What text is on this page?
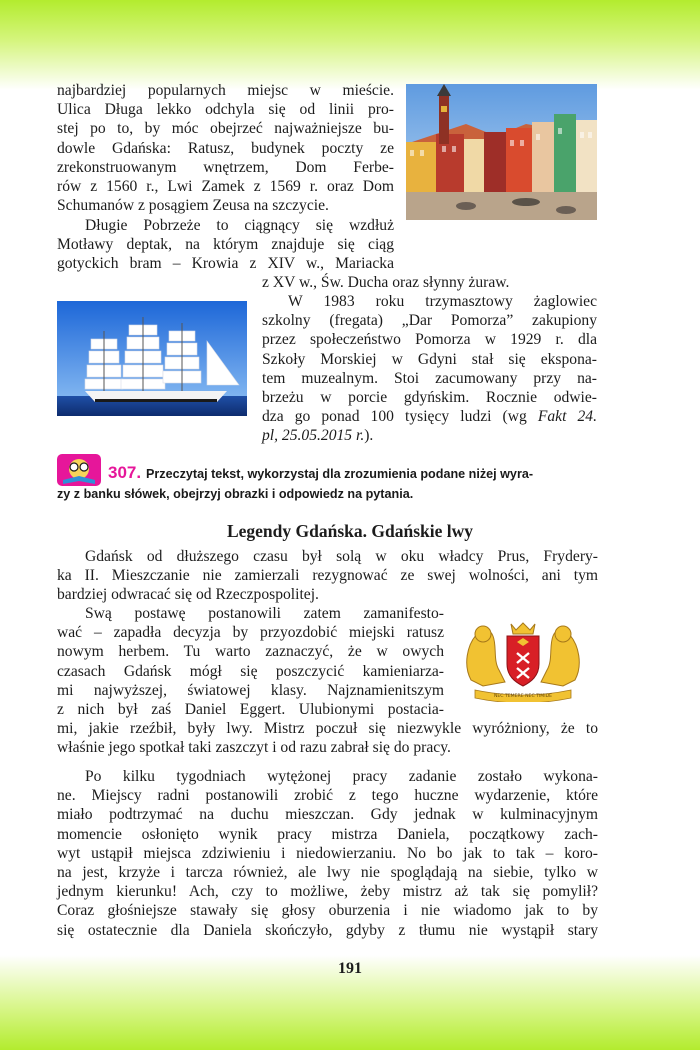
najbardziej popularnych miejsc w mieście.
Ulica Długa lekko odchyla się od linii pro-
stej po to, by móc obejrzeć najważniejsze bu-
dowle Gdańska: Ratusz, budynek poczty ze
zrekonstruowanym wnętrzem, Dom Ferbe-
rów z 1560 r., Lwi Zamek z 1569 r. oraz Dom
Schumanów z posągiem Zeusa na szczycie.
Długie Pobrzeże to ciągnący się wzdłuż
Motławy deptak, na którym znajduje się ciąg
gotyckich bram – Krowia z XIV w., Mariacka
z XV w., Św. Ducha oraz słynny żuraw.
W 1983 roku trzymasztowy żaglowiec
szkolny (fregata) „Dar Pomorza” zakupiony
przez społeczeństwo Pomorza w 1929 r. dla
Szkoły Morskiej w Gdyni stał się ekspona-
tem muzealnym. Stoi zacumowany przy na-
brzeżu w porcie gdyńskim. Rocznie odwie-
dza go ponad 100 tysięcy ludzi (wg Fakt 24.
pl, 25.05.2015 r.).
307. Przeczytaj tekst, wykorzystaj dla zrozumienia podane niżej wyra-
zy z banku słówek, obejrzyj obrazki i odpowiedz na pytania.
Legendy Gdańska. Gdańskie lwy
Gdańsk od dłuższego czasu był solą w oku władcy Prus, Frydery-
ka II. Mieszczanie nie zamierzali rezygnować ze swej wolności, ani tym
bardziej odwracać się od Rzeczpospolitej.
Swą postawę postanowili zatem zamanifesto-
wać – zapadła decyzja by przyozdobić miejski ratusz
nowym herbem. Tu warto zaznaczyć, że w owych
czasach Gdańsk mógł się poszczycić kamieniarza-
mi najwyższej, światowej klasy. Najznamienitszym
z nich był zaś Daniel Eggert. Ulubionymi postacia-
mi, jakie rzeźbił, były lwy. Mistrz poczuł się niezwykle wyróżniony, że to
właśnie jego spotkał taki zaszczyt i od razu zabrał się do pracy.
NEC TEMERE NEC TIMIDE
Po kilku tygodniach wytężonej pracy zadanie zostało wykona-
ne. Miejscy radni postanowili zrobić z tego huczne wydarzenie, które
miało podtrzymać na duchu mieszczan. Gdy jednak w kulminacyjnym
momencie osłonięto wynik pracy mistrza Daniela, początkowy zach-
wyt ustąpił miejsca zdziwieniu i niedowierzaniu. No bo jak to tak – koro-
na jest, krzyże i tarcza również, ale lwy nie spoglądają na siebie, tylko w
jednym kierunku! Ach, czy to możliwe, żeby mistrz aż tak się pomylił?
Coraz głośniejsze stawały się głosy oburzenia i nie wiadomo jak to by
się ostatecznie dla Daniela skończyło, gdyby z tłumu nie wystąpił stary
191
